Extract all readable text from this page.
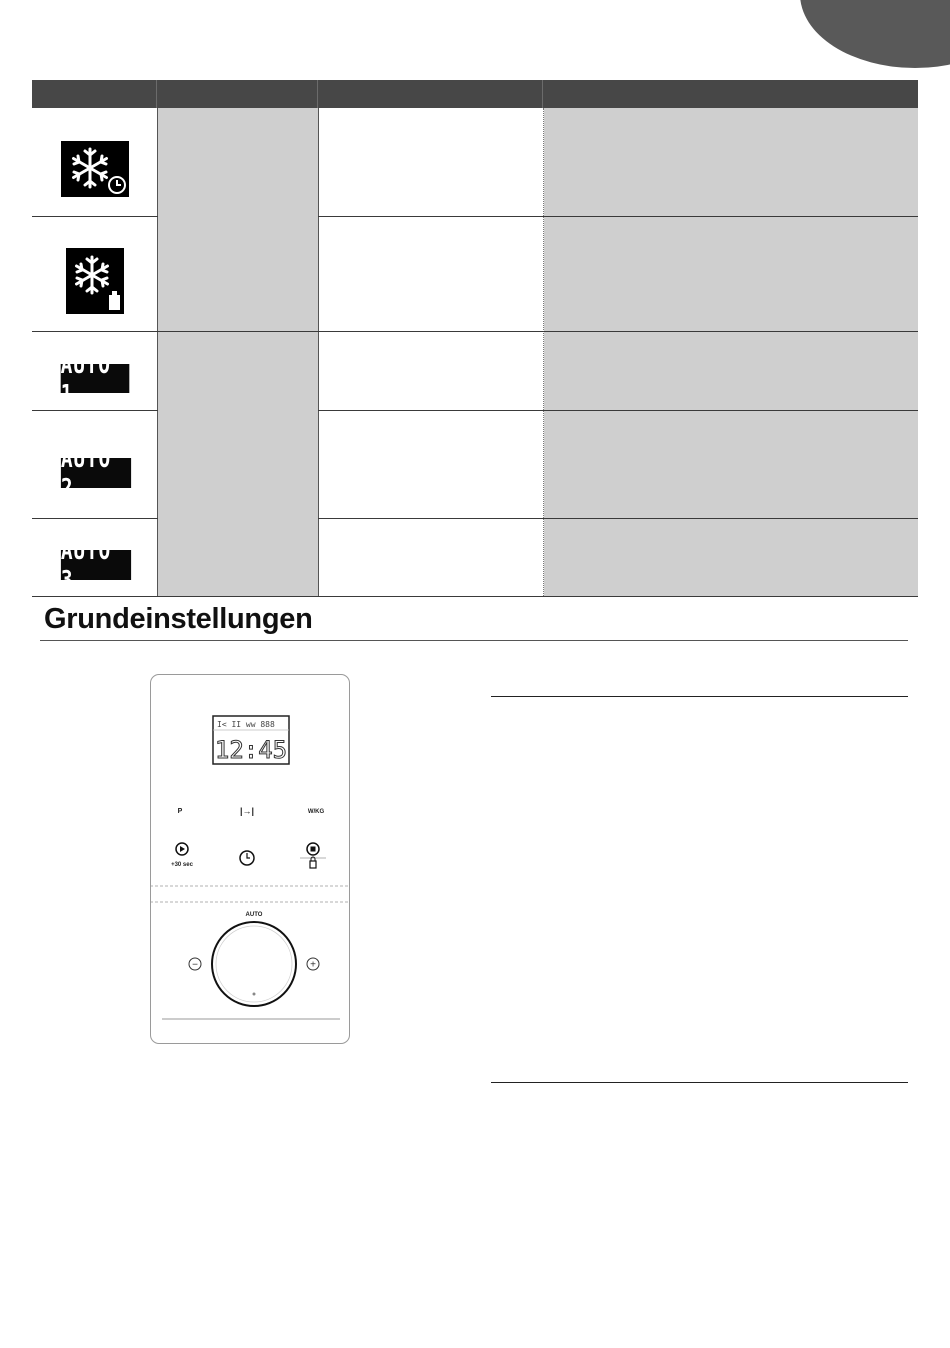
AUTO 1
AUTO 2
AUTO 3
Grundeinstellungen
I< II ww 888
12:45
P	|→|	W/KG
+30 sec
AUTO
−	+
